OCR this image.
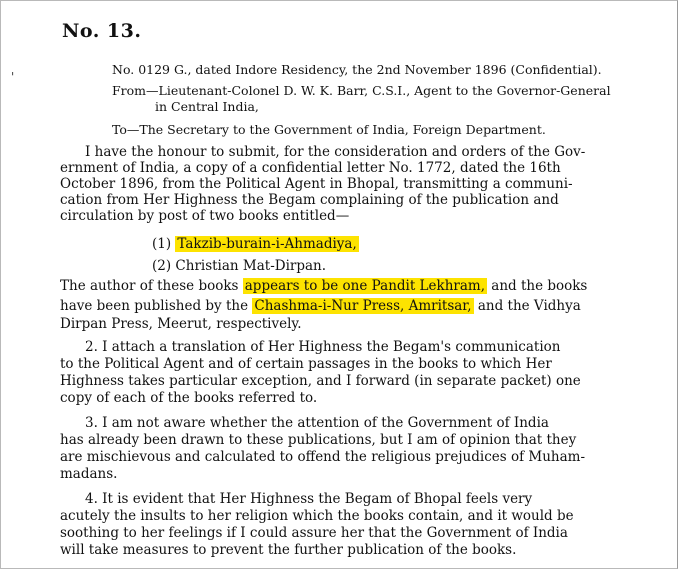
No. 13.
'	No. 0129 G., dated Indore Residency, the 2nd November 1896 (Confidential).
From—Lieutenant-Colonel D. W. K. Barr, C.S.I., Agent to the Governor-General
in Central India,
To—The Secretary to the Government of India, Foreign Department.
I have the honour to submit, for the consideration and orders of the Gov-
ernment of India, a copy of a confidential letter No. 1772, dated the 16th
October 1896, from the Political Agent in Bhopal, transmitting a communi-
cation from Her Highness the Begam complaining of the publication and
circulation by post of two books entitled—
(1) Takzib-burain-i-Ahmadiya,
(2) Christian Mat-Dirpan.
The author of these books appears to be one Pandit Lekhram, and the books
have been published by the Chashma-i-Nur Press, Amritsar, and the Vidhya
Dirpan Press, Meerut, respectively.
2. I attach a translation of Her Highness the Begam's communication
to the Political Agent and of certain passages in the books to which Her
Highness takes particular exception, and I forward (in separate packet) one
copy of each of the books referred to.
3. I am not aware whether the attention of the Government of India
has already been drawn to these publications, but I am of opinion that they
are mischievous and calculated to offend the religious prejudices of Muham-
madans.
4. It is evident that Her Highness the Begam of Bhopal feels very
acutely the insults to her religion which the books contain, and it would be
soothing to her feelings if I could assure her that the Government of India
will take measures to prevent the further publication of the books.
